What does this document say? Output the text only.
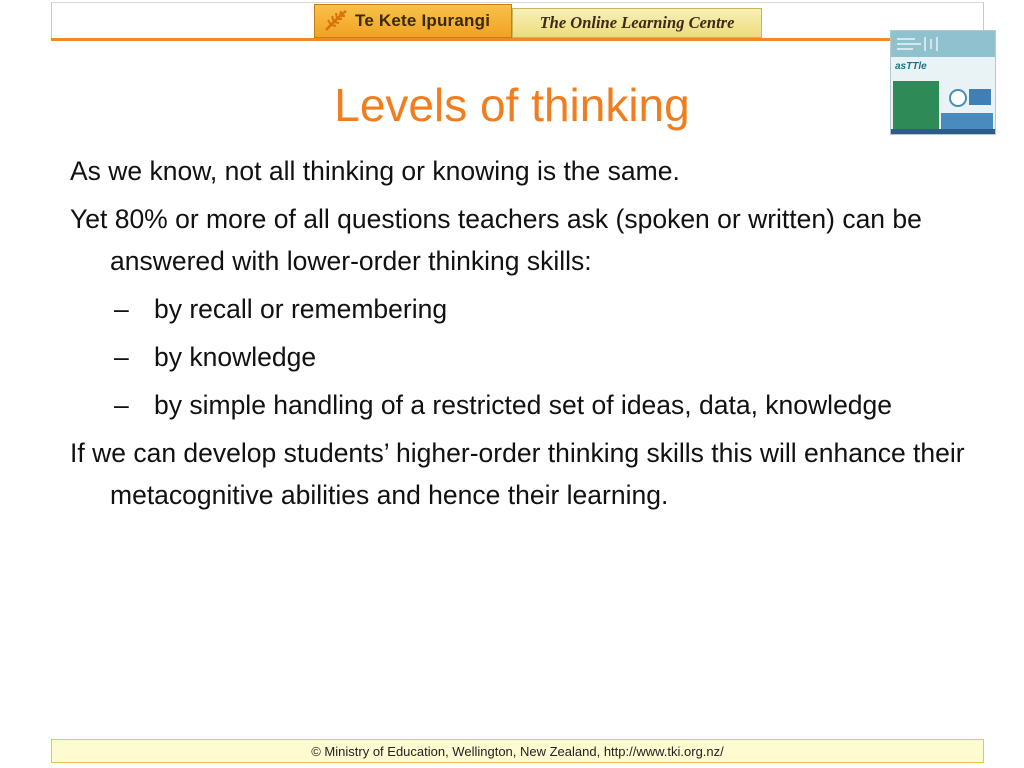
Te Kete Ipurangi	The Online Learning Centre
asTTle
Levels of thinking
As we know, not all thinking or knowing is the same.
Yet 80% or more of all questions teachers ask (spoken or written) can be answered with lower-order thinking skills:
– by recall or remembering
– by knowledge
– by simple handling of a restricted set of ideas, data, knowledge
If we can develop students’ higher-order thinking skills this will enhance their metacognitive abilities and hence their learning.
© Ministry of Education, Wellington, New Zealand, http://www.tki.org.nz/
